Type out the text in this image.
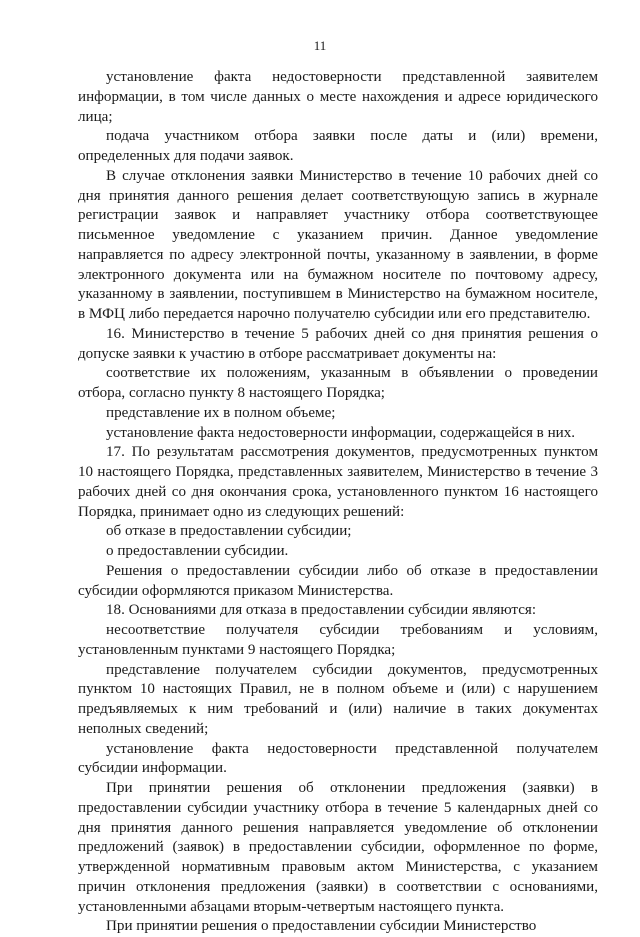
11

установление факта недостоверности представленной заявителем информации, в том числе данных о месте нахождения и адресе юридического лица;

подача участником отбора заявки после даты и (или) времени, определенных для подачи заявок.

В случае отклонения заявки Министерство в течение 10 рабочих дней со дня принятия данного решения делает соответствующую запись в журнале регистрации заявок и направляет участнику отбора соответствующее письменное уведомление с указанием причин. Данное уведомление направляется по адресу электронной почты, указанному в заявлении, в форме электронного документа или на бумажном носителе по почтовому адресу, указанному в заявлении, поступившем в Министерство на бумажном носителе, в МФЦ либо передается нарочно получателю субсидии или его представителю.

16. Министерство в течение 5 рабочих дней со дня принятия решения о допуске заявки к участию в отборе рассматривает документы на:

соответствие их положениям, указанным в объявлении о проведении отбора, согласно пункту 8 настоящего Порядка;

представление их в полном объеме;

установление факта недостоверности информации, содержащейся в них.

17. По результатам рассмотрения документов, предусмотренных пунктом 10 настоящего Порядка, представленных заявителем, Министерство в течение 3 рабочих дней со дня окончания срока, установленного пунктом 16 настоящего Порядка, принимает одно из следующих решений:

об отказе в предоставлении субсидии;

о предоставлении субсидии.

Решения о предоставлении субсидии либо об отказе в предоставлении субсидии оформляются приказом Министерства.

18. Основаниями для отказа в предоставлении субсидии являются:

несоответствие получателя субсидии требованиям и условиям, установленным пунктами 9 настоящего Порядка;

представление получателем субсидии документов, предусмотренных пунктом 10 настоящих Правил, не в полном объеме и (или) с нарушением предъявляемых к ним требований и (или) наличие в таких документах неполных сведений;

установление факта недостоверности представленной получателем субсидии информации.

При принятии решения об отклонении предложения (заявки) в предоставлении субсидии участнику отбора в течение 5 календарных дней со дня принятия данного решения направляется уведомление об отклонении предложений (заявок) в предоставлении субсидии, оформленное по форме, утвержденной нормативным правовым актом Министерства, с указанием причин отклонения предложения (заявки) в соответствии с основаниями, установленными абзацами вторым-четвертым настоящего пункта.

При принятии решения о предоставлении субсидии Министерство
